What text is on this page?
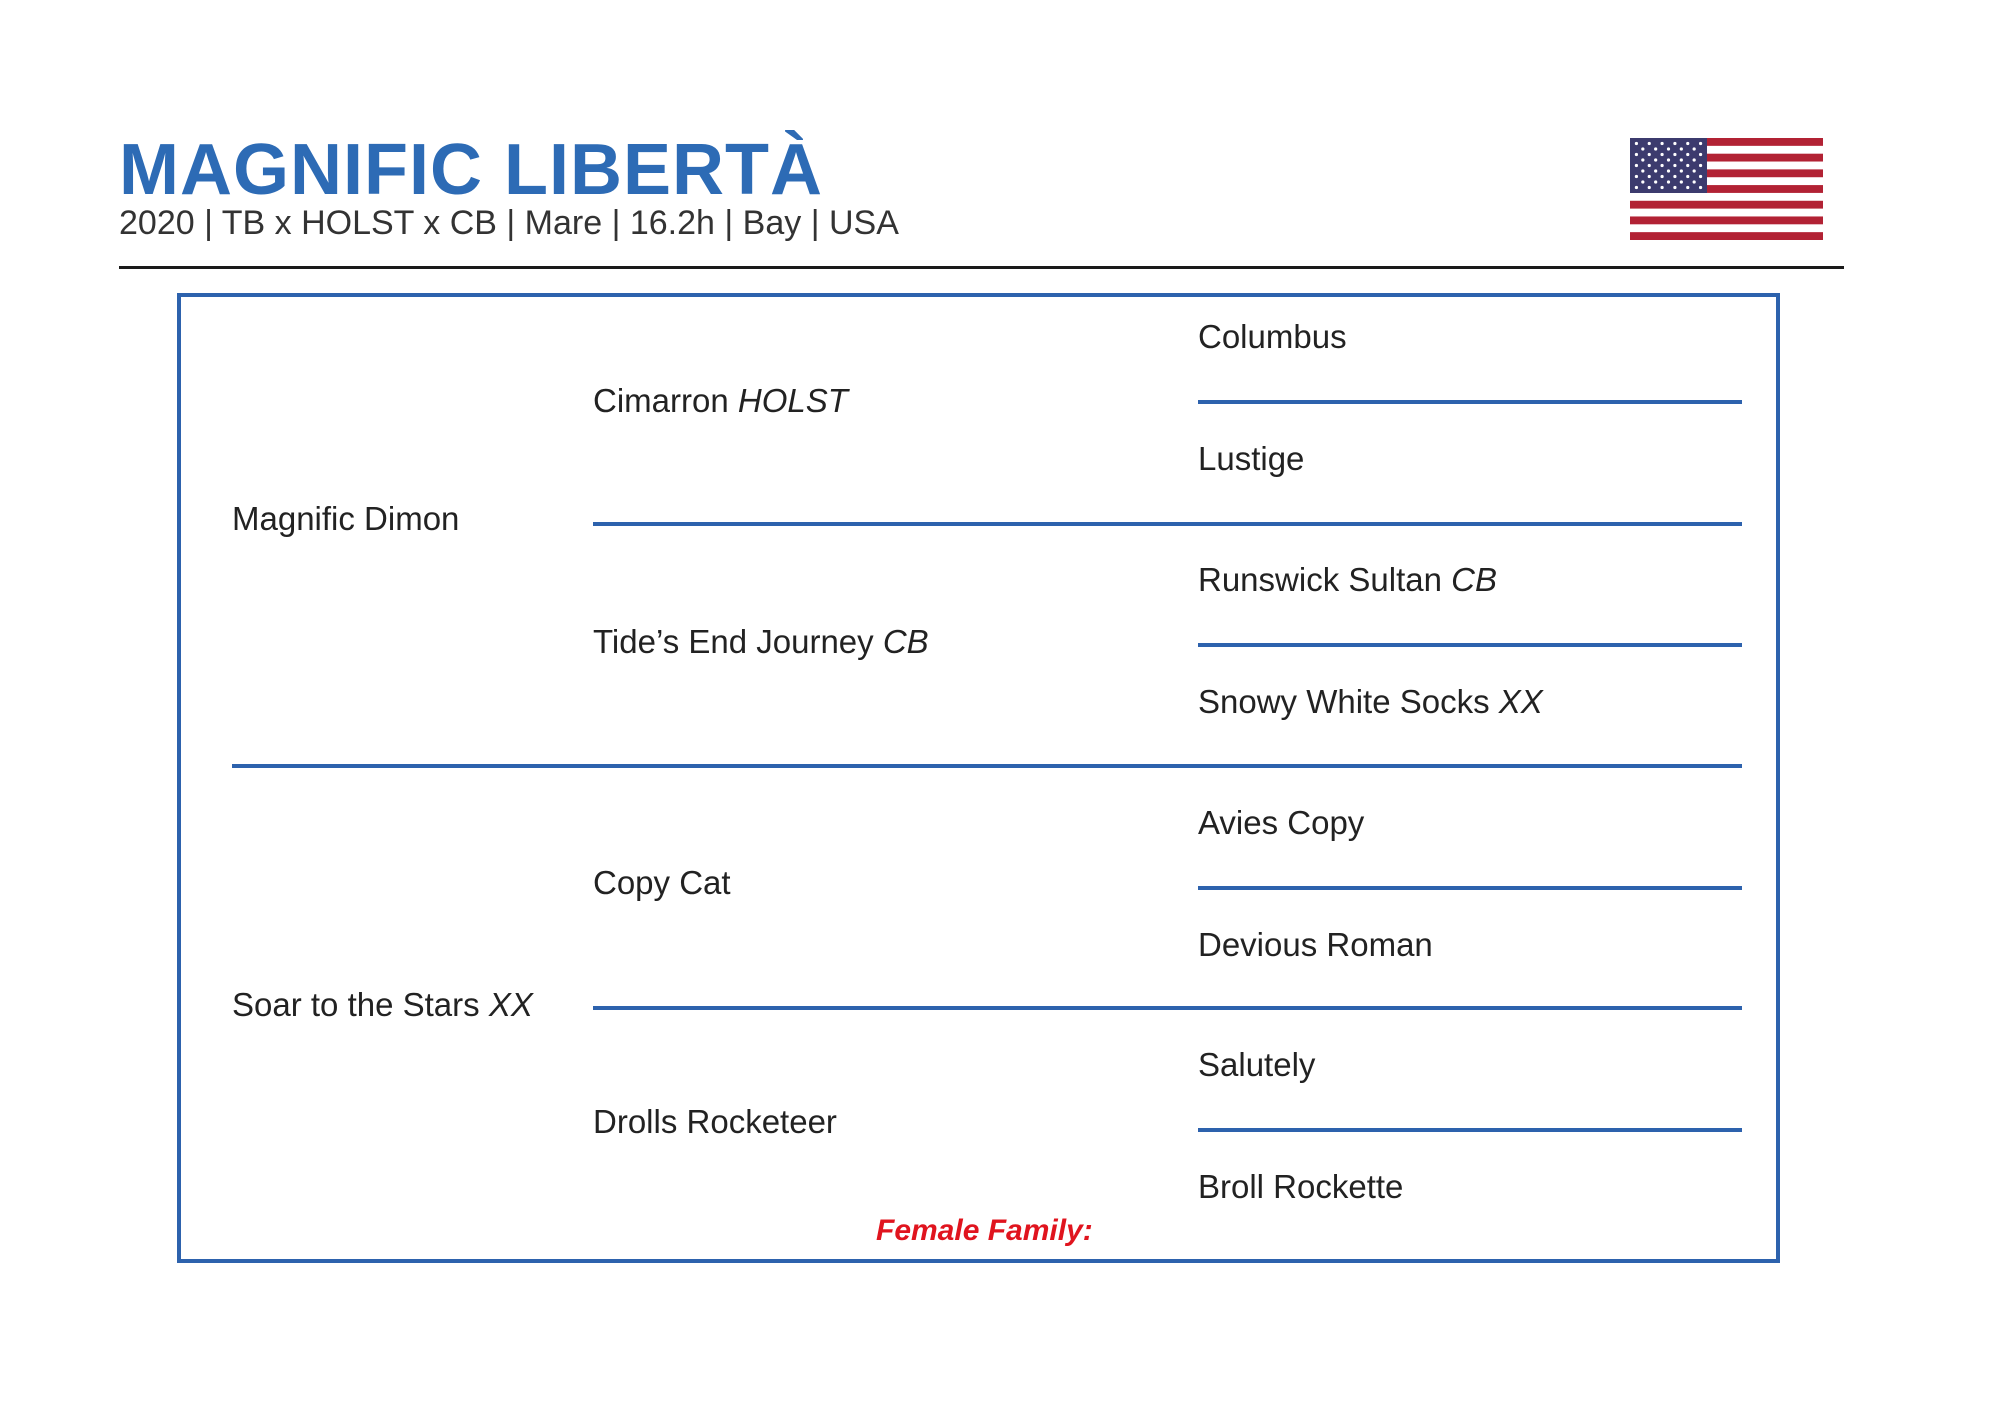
MAGNIFIC LIBERTÀ
2020 | TB x HOLST x CB | Mare | 16.2h | Bay | USA
Magnific Dimon
Soar to the Stars XX
Cimarron HOLST
Tide’s End Journey CB
Copy Cat
Drolls Rocketeer
Columbus
Lustige
Runswick Sultan CB
Snowy White Socks XX
Avies Copy
Devious Roman
Salutely
Broll Rockette
Female Family:
